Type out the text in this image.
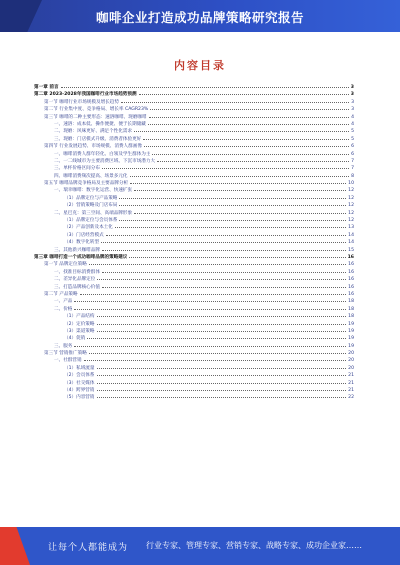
咖啡企业打造成功品牌策略研究报告
内容目录
第一章 前言	3
第二章 2023-2028年我国咖啡行业市场趋势预测	3
第一节 咖啡行业市场规模及增长趋势	3
第二节 行业集中度、竞争格局、增长率 CAGR23%	3
第三节 咖啡的二种主要形态：速溶咖啡、现磨咖啡	4
一、速溶：成本低、操作便捷、便于长期储藏	4
二、现磨：风味更好、满足个性化需求	5
三、现磨：门店模式升级、消费者体验更好	5
第四节 行业发展趋势、市场规模、消费人群画像	6
一、咖啡消费人群年轻化、白领及学生群体为主	6
二、一二线城市为主要消费区域、下沉市场潜力大	7
三、单杯价格区间分布	7
四、咖啡消费频次提高、场景多元化	8
第五节 咖啡品牌竞争格局及主要品牌分析	10
一、瑞幸咖啡：数字化运营、快速扩张	12
（1）品牌定位与产品策略	12
（2）营销策略及门店布局	12
二、星巴克：第三空间、高端品牌形象	12
（1）品牌定位与会员体系	12
（2）产品创新及本土化	13
（3）门店经营模式	14
（4）数字化转型	14
三、其他新兴咖啡品牌	15
第三章 咖啡打造一个成功咖啡品牌的策略建议	16
第一节 品牌定位策略	16
一、找准目标消费群体	16
二、差异化品牌定位	16
三、打造品牌核心价值	16
第二节 产品策略	16
一、产品	18
二、价格	18
（1）产品结构	18
（2）定价策略	19
（3）渠道策略	19
（4）促销	19
三、服务	19
第三节 营销推广策略	20
一、社群营销	20
（1）私域流量	20
（2）会员体系	21
（3）社交媒体	21
（4）跨界营销	21
（5）内容营销	22
让每个人都能成为 行业专家、管理专家、营销专家、战略专家、成功企业家……
